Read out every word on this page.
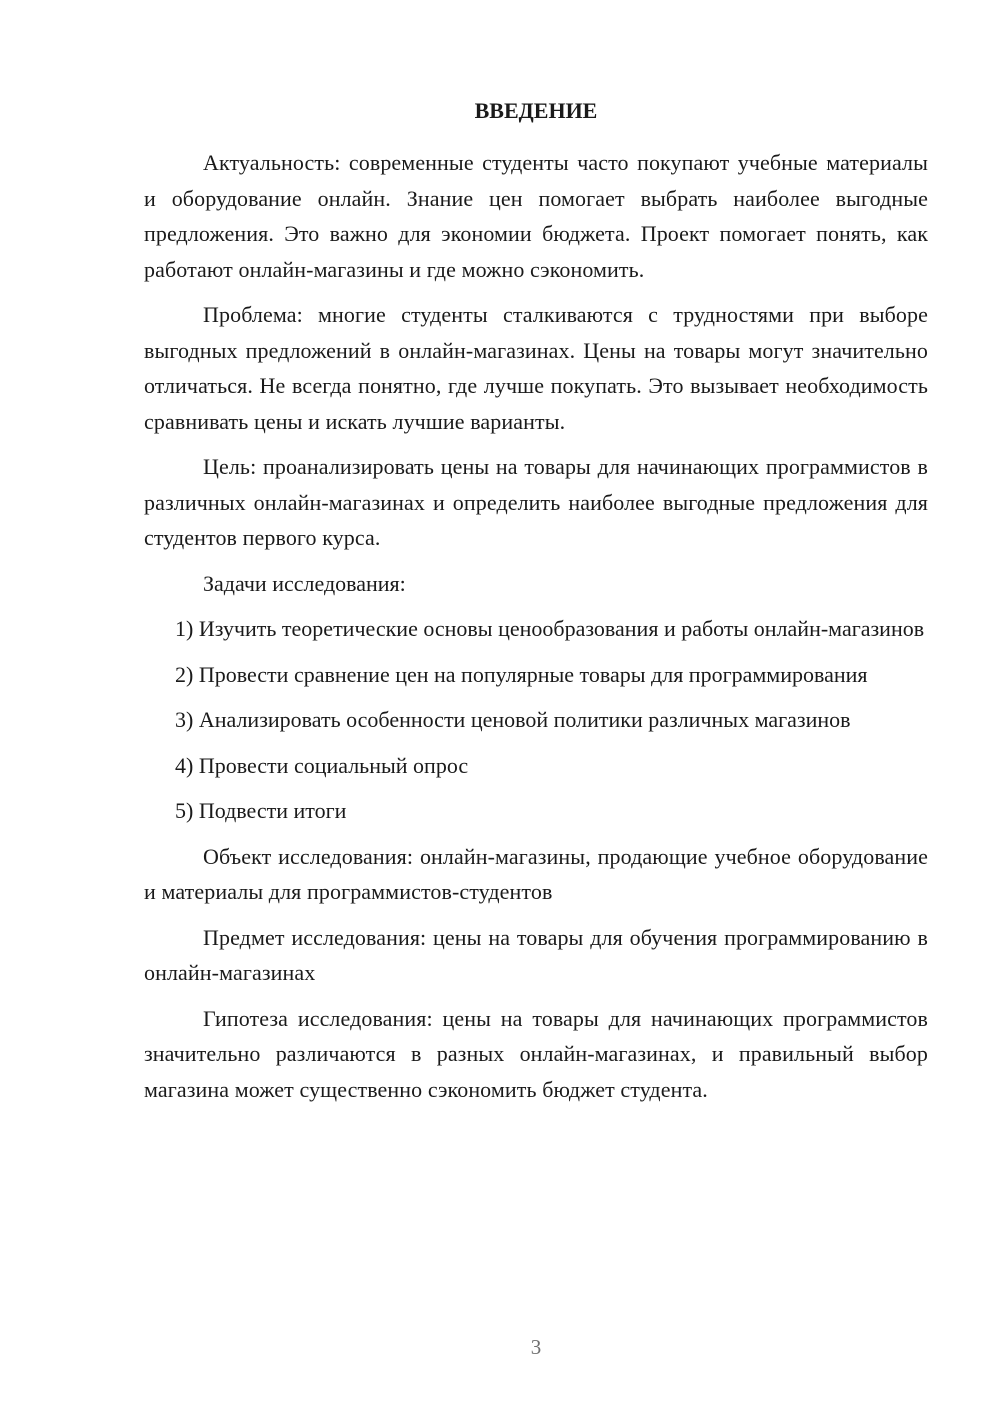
ВВЕДЕНИЕ

Актуальность: современные студенты часто покупают учебные материалы и оборудование онлайн. Знание цен помогает выбрать наиболее выгодные предложения. Это важно для экономии бюджета. Проект помогает понять, как работают онлайн-магазины и где можно сэкономить.

Проблема: многие студенты сталкиваются с трудностями при выборе выгодных предложений в онлайн-магазинах. Цены на товары могут значительно отличаться. Не всегда понятно, где лучше покупать. Это вызывает необходимость сравнивать цены и искать лучшие варианты.

Цель: проанализировать цены на товары для начинающих программистов в различных онлайн-магазинах и определить наиболее выгодные предложения для студентов первого курса.

Задачи исследования:

1) Изучить теоретические основы ценообразования и работы онлайн-магазинов

2) Провести сравнение цен на популярные товары для программирования

3) Анализировать особенности ценовой политики различных магазинов

4) Провести социальный опрос

5) Подвести итоги

Объект исследования: онлайн-магазины, продающие учебное оборудование и материалы для программистов-студентов

Предмет исследования: цены на товары для обучения программированию в онлайн-магазинах

Гипотеза исследования: цены на товары для начинающих программистов значительно различаются в разных онлайн-магазинах, и правильный выбор магазина может существенно сэкономить бюджет студента.

3
